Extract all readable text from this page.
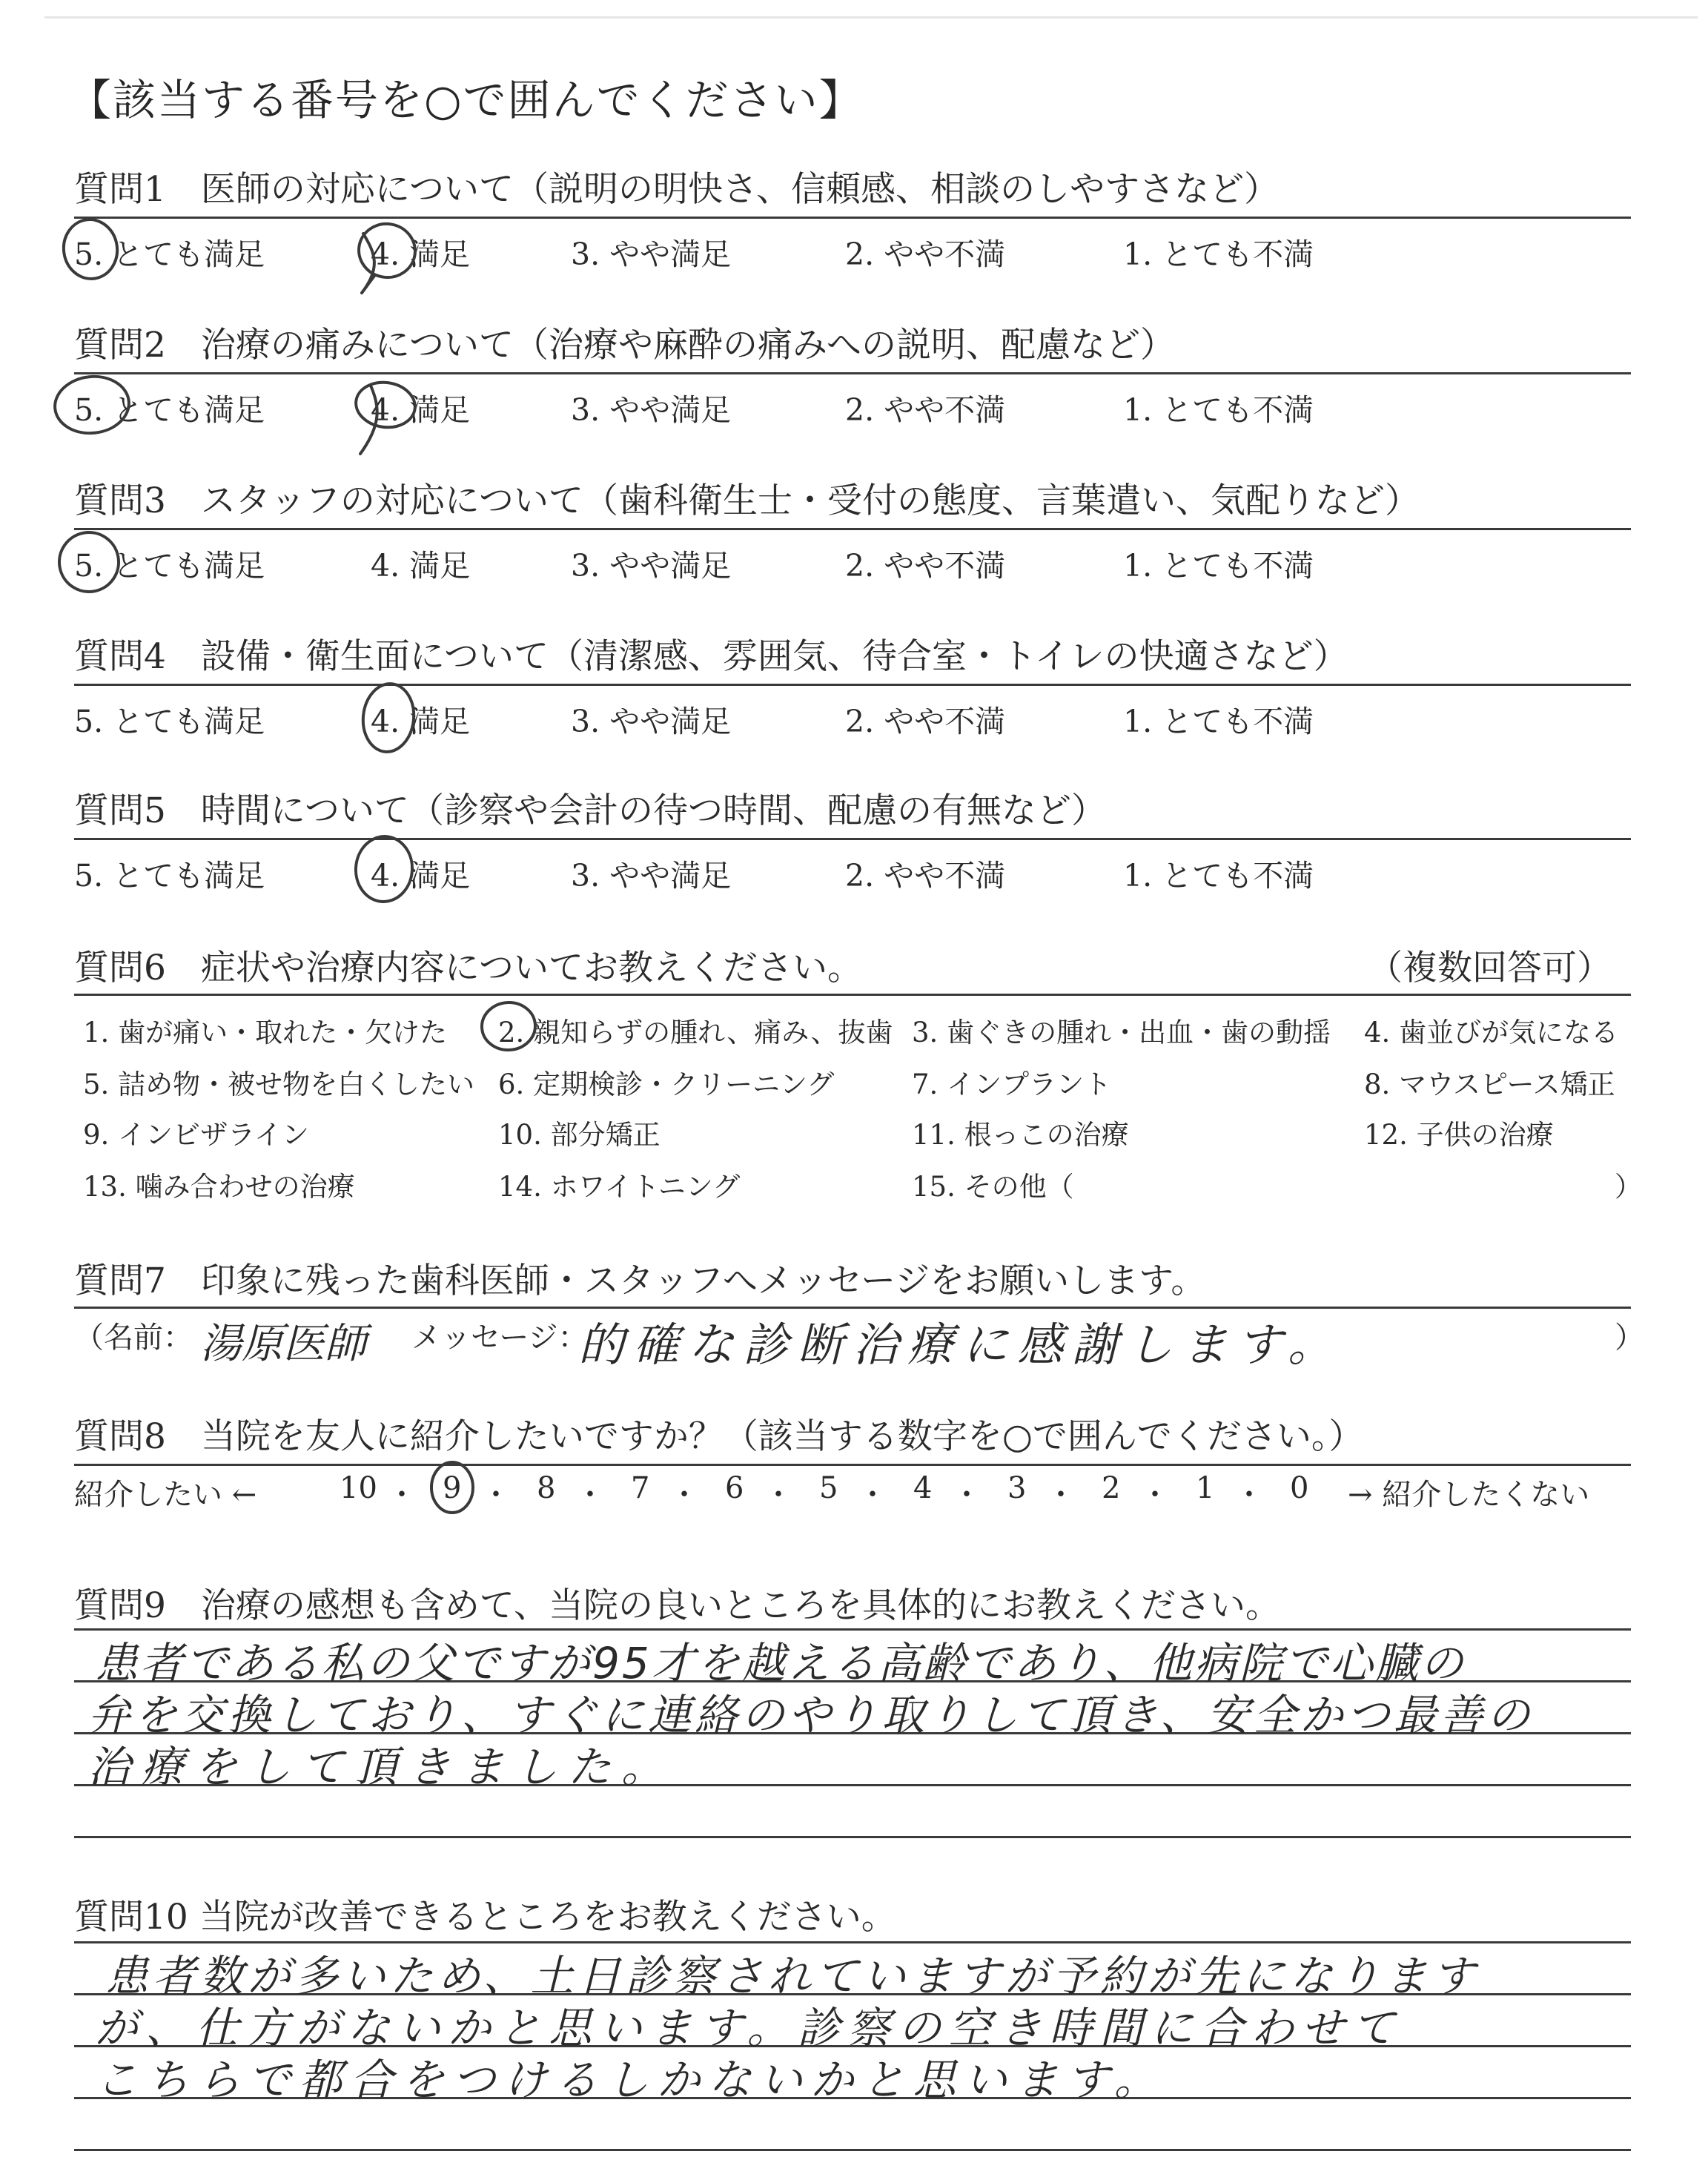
【該当する番号を○で囲んでください】
質問1　医師の対応について（説明の明快さ、信頼感、相談のしやすさなど）
5. とても満足	4. 満足	3. やや満足	2. やや不満	1. とても不満
質問2　治療の痛みについて（治療や麻酔の痛みへの説明、配慮など）
5. とても満足	4. 満足	3. やや満足	2. やや不満	1. とても不満
質問3　スタッフの対応について（歯科衛生士・受付の態度、言葉遣い、気配りなど）
5. とても満足	4. 満足	3. やや満足	2. やや不満	1. とても不満
質問4　設備・衛生面について（清潔感、雰囲気、待合室・トイレの快適さなど）
5. とても満足	4. 満足	3. やや満足	2. やや不満	1. とても不満
質問5　時間について（診察や会計の待つ時間、配慮の有無など）
5. とても満足	4. 満足	3. やや満足	2. やや不満	1. とても不満
質問6　症状や治療内容についてお教えください。	（複数回答可）
1. 歯が痛い・取れた・欠けた 2. 親知らずの腫れ、痛み、抜歯 3. 歯ぐきの腫れ・出血・歯の動揺 4. 歯並びが気になる
5. 詰め物・被せ物を白くしたい 6. 定期検診・クリーニング	7. インプラント	8. マウスピース矯正
9. インビザライン	10. 部分矯正	11. 根っこの治療	12. 子供の治療
13. 噛み合わせの治療	14. ホワイトニング	15. その他（	）
質問7　印象に残った歯科医師・スタッフへメッセージをお願いします。
（名前： 湯原医師 メッセージ：
的確な診断治療に感謝します。	）
質問8　当院を友人に紹介したいですか？（該当する数字を○で囲んでください。）
紹介したい ←	→ 紹介したくない
10 ・ 9 ・ 8 ・ 7 ・ 6 ・ 5 ・ 4 ・ 3 ・ 2 ・ 1 ・ 0
質問9　治療の感想も含めて、当院の良いところを具体的にお教えください。
患者である私の父ですが95才を越える高齢であり、他病院で心臓の
弁を交換しており、すぐに連絡のやり取りして頂き、安全かつ最善の
治療をして頂きました。
質問10 当院が改善できるところをお教えください。
患者数が多いため、土日診察されていますが予約が先になります
が、仕方がないかと思います。診察の空き時間に合わせて
こちらで都合をつけるしかないかと思います。
